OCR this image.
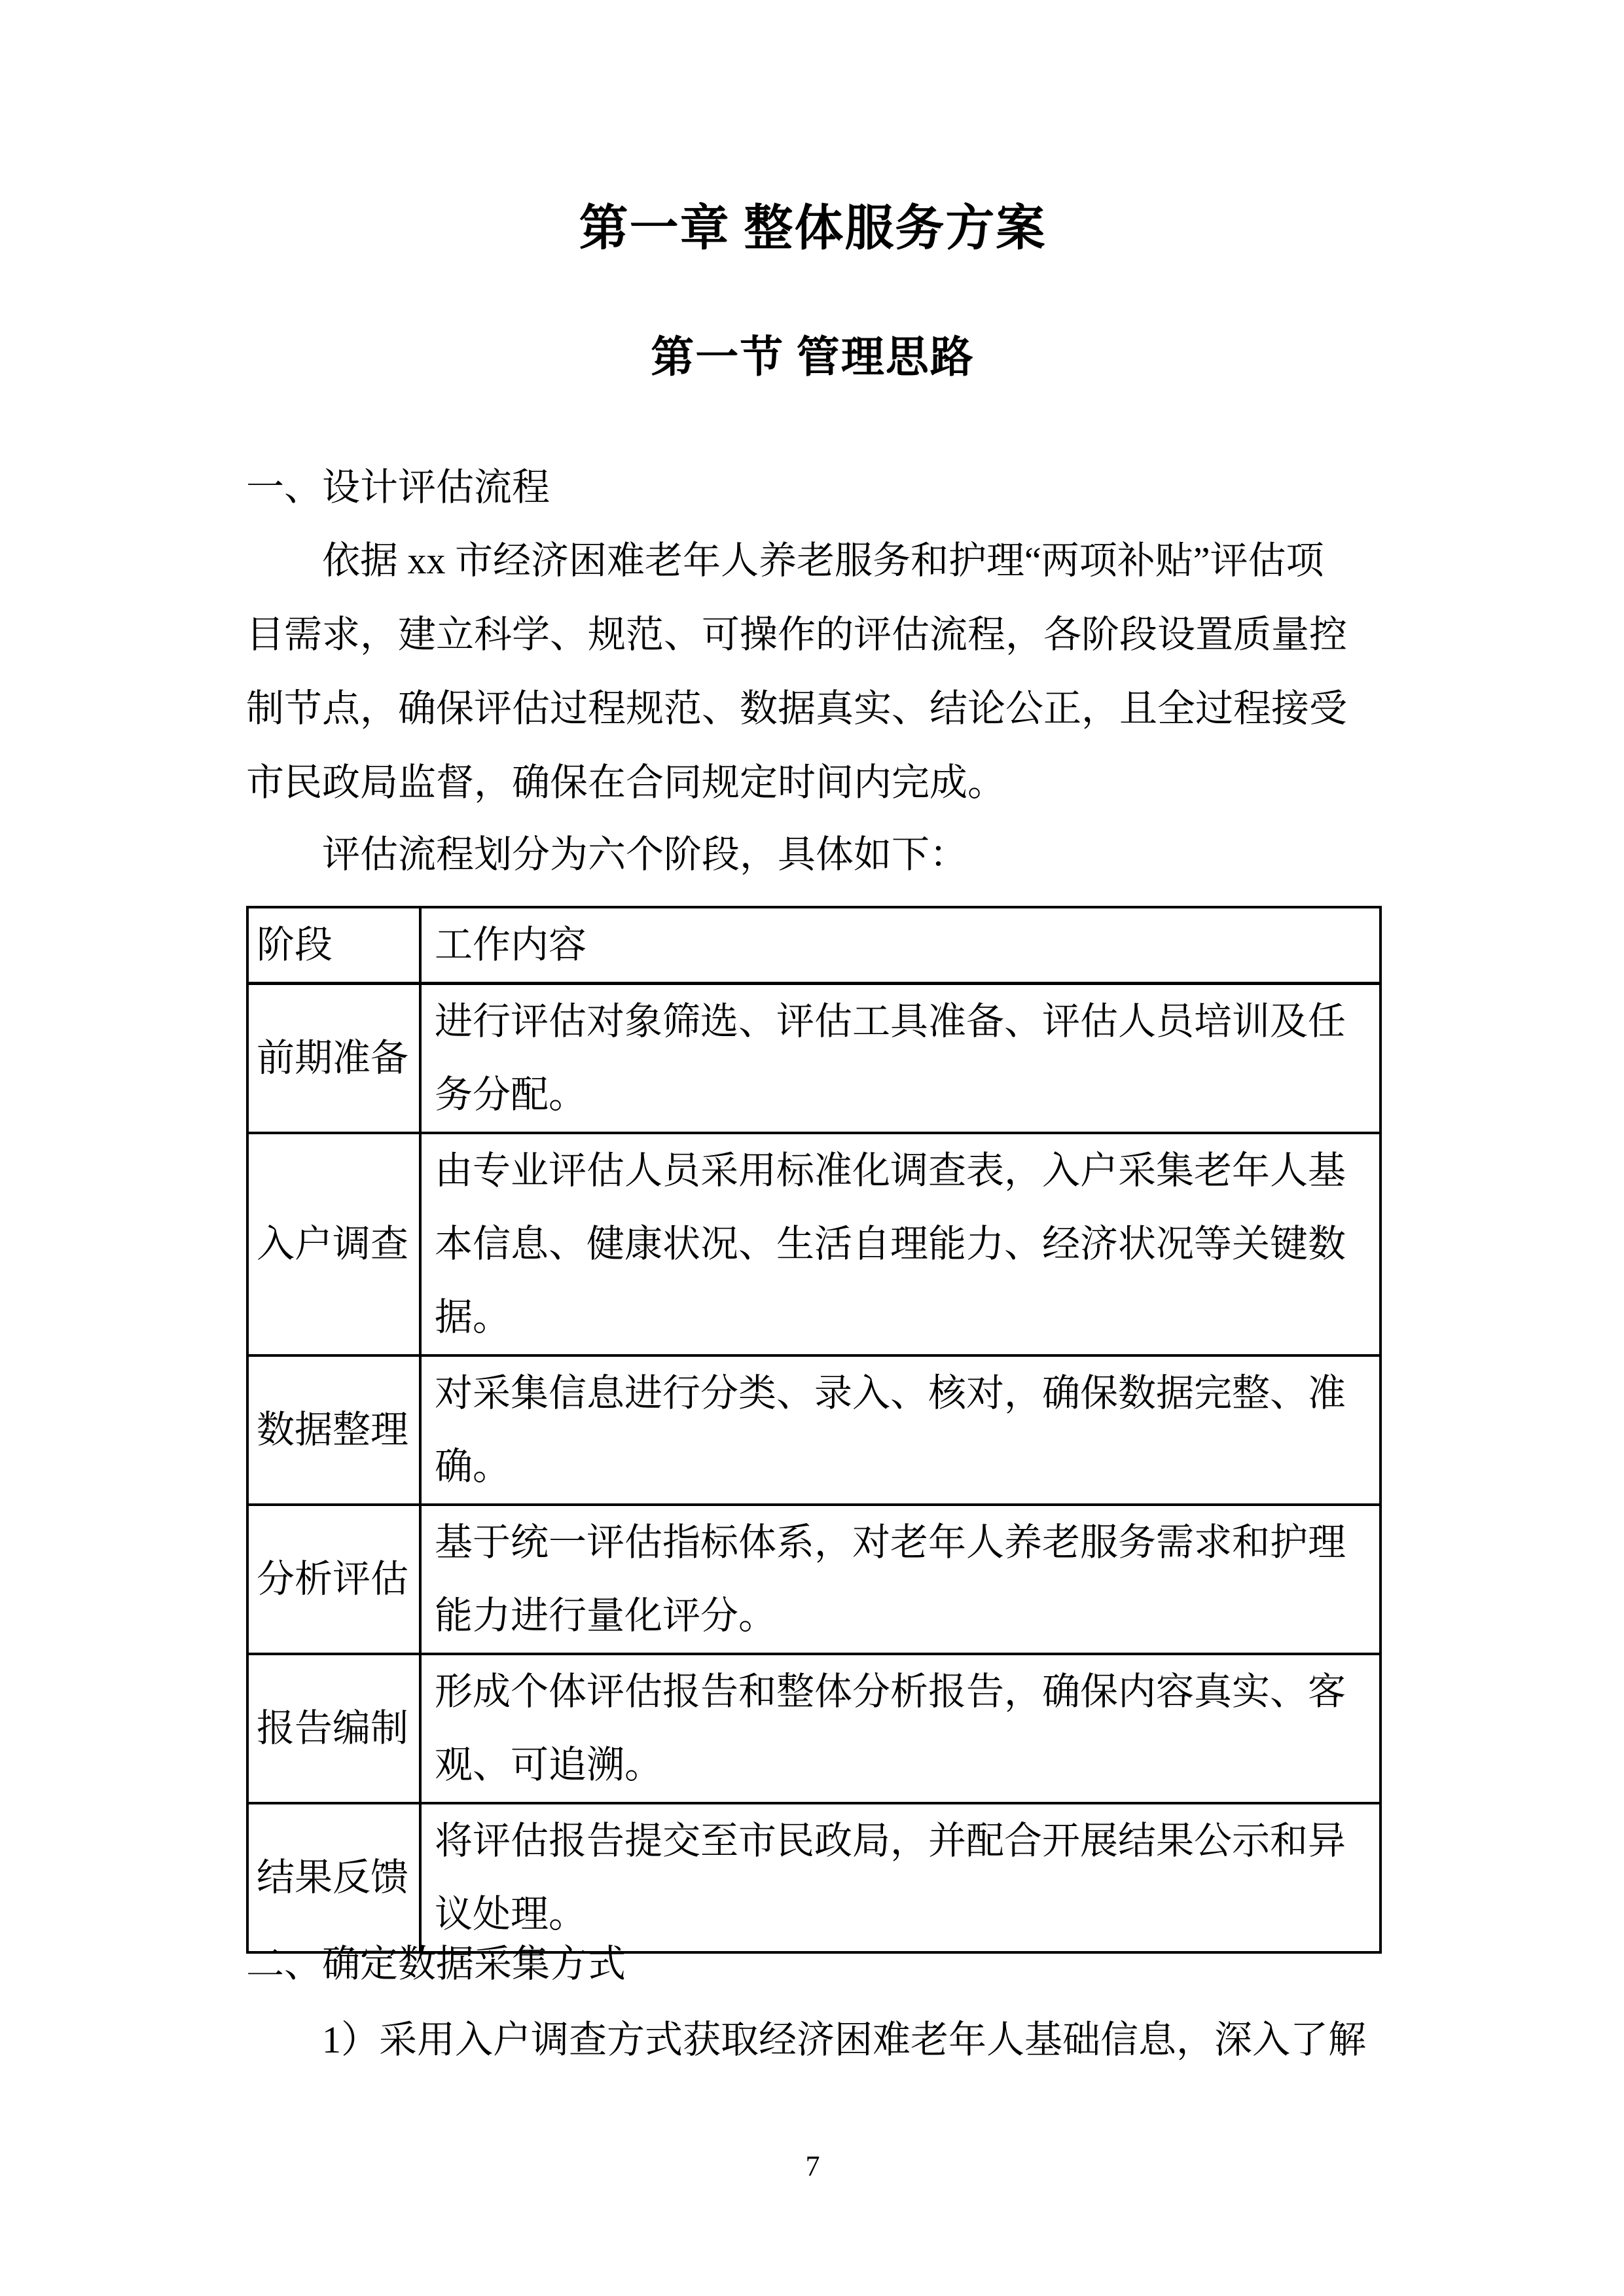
第一章 整体服务方案
第一节 管理思路
一、设计评估流程
依据 xx 市经济困难老年人养老服务和护理“两项补贴”评估项
目需求，建立科学、规范、可操作的评估流程，各阶段设置质量控
制节点，确保评估过程规范、数据真实、结论公正，且全过程接受
市民政局监督，确保在合同规定时间内完成。
评估流程划分为六个阶段，具体如下：
阶段	工作内容
前期准备	进行评估对象筛选、评估工具准备、评估人员培训及任务分配。
入户调查	由专业评估人员采用标准化调查表，入户采集老年人基本信息、健康状况、生活自理能力、经济状况等关键数据。
数据整理	对采集信息进行分类、录入、核对，确保数据完整、准确。
分析评估	基于统一评估指标体系，对老年人养老服务需求和护理能力进行量化评分。
报告编制	形成个体评估报告和整体分析报告，确保内容真实、客观、可追溯。
结果反馈	将评估报告提交至市民政局，并配合开展结果公示和异议处理。
二、确定数据采集方式
1）采用入户调查方式获取经济困难老年人基础信息，深入了解
7
